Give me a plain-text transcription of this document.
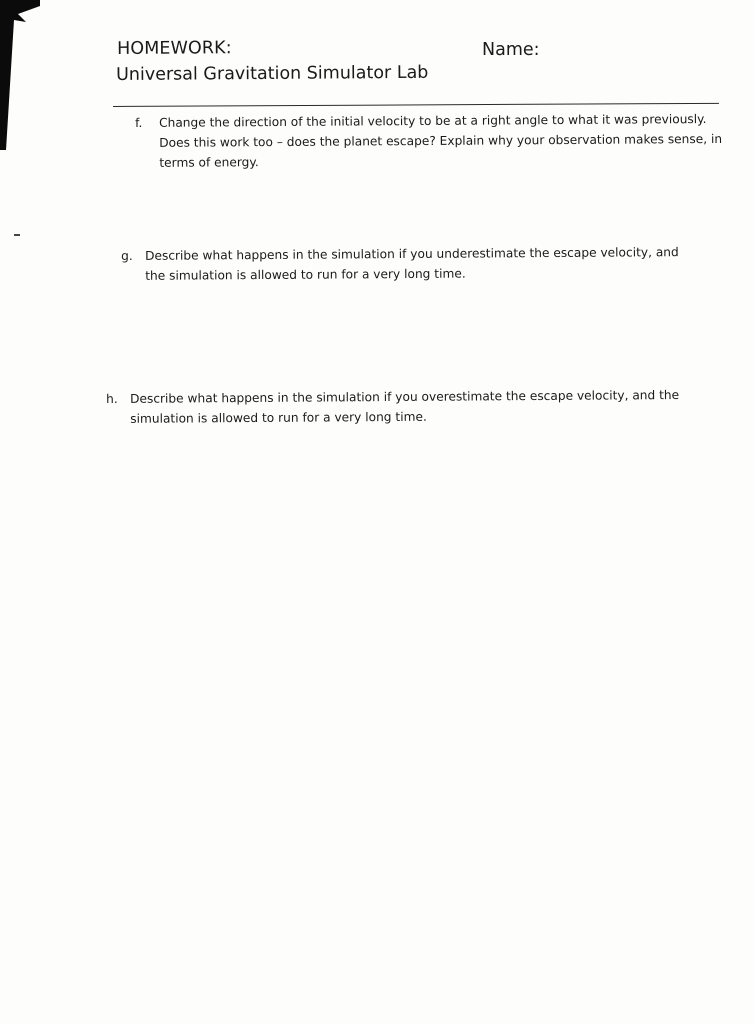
HOMEWORK:
Universal Gravitation Simulator Lab
Name:
f. Change the direction of the initial velocity to be at a right angle to what it was previously. Does this work too – does the planet escape? Explain why your observation makes sense, in terms of energy.
g. Describe what happens in the simulation if you underestimate the escape velocity, and the simulation is allowed to run for a very long time.
h. Describe what happens in the simulation if you overestimate the escape velocity, and the simulation is allowed to run for a very long time.
